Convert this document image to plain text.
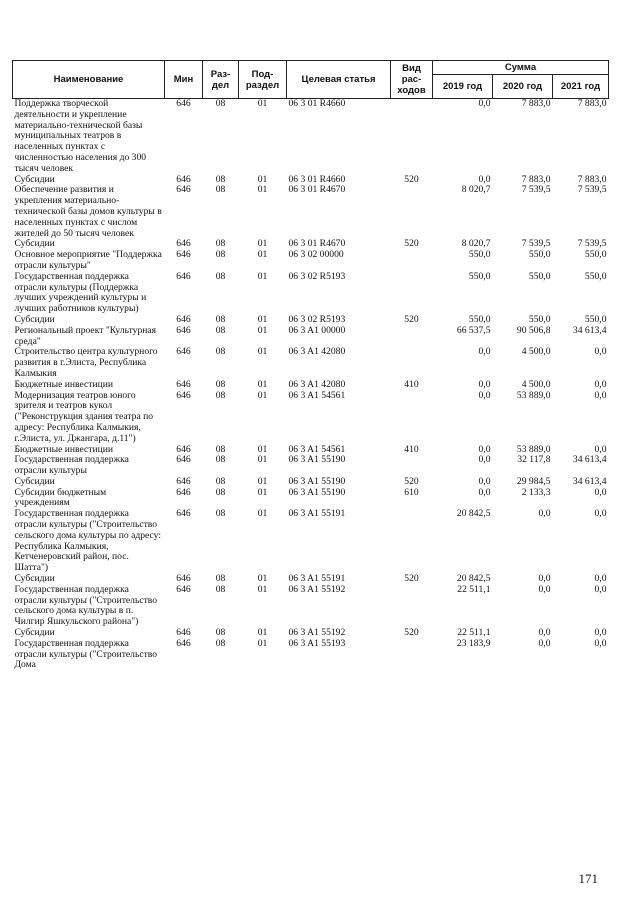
Наименование	Мин	Раз-дел	Под-раздел	Целевая статья	Вид рас-ходов	Сумма		
						2019 год	2020 год	2021 год
Поддержка творческой деятельности и укрепление материально-технической базы муниципальных театров в населенных пунктах с численностью населения до 300 тысяч человек	646	08	01	06 3 01 R4660		0,0	7 883,0	7 883,0
Субсидии	646	08	01	06 3 01 R4660	520	0,0	7 883,0	7 883,0
Обеспечение развития и укрепления материально-технической базы домов культуры в населенных пунктах с числом жителей до 50 тысяч человек	646	08	01	06 3 01 R4670		8 020,7	7 539,5	7 539,5
Субсидии	646	08	01	06 3 01 R4670	520	8 020,7	7 539,5	7 539,5
Основное мероприятие "Поддержка отрасли культуры"	646	08	01	06 3 02 00000		550,0	550,0	550,0
Государственная поддержка отрасли культуры (Поддержка лучших учреждений культуры и лучших работников культуры)	646	08	01	06 3 02 R5193		550,0	550,0	550,0
Субсидии	646	08	01	06 3 02 R5193	520	550,0	550,0	550,0
Региональный проект "Культурная среда"	646	08	01	06 3 A1 00000		66 537,5	90 506,8	34 613,4
Строительство центра культурного развития в г.Элиста, Республика Калмыкия	646	08	01	06 3 A1 42080		0,0	4 500,0	0,0
Бюджетные инвестиции	646	08	01	06 3 A1 42080	410	0,0	4 500,0	0,0
Модернизация театров юного зрителя и театров кукол ("Реконструкция здания театра по адресу: Республика Калмыкия, г.Элиста, ул. Джангара, д.11")	646	08	01	06 3 A1 54561		0,0	53 889,0	0,0
Бюджетные инвестиции	646	08	01	06 3 A1 54561	410	0,0	53 889,0	0,0
Государственная поддержка отрасли культуры	646	08	01	06 3 A1 55190		0,0	32 117,8	34 613,4
Субсидии	646	08	01	06 3 A1 55190	520	0,0	29 984,5	34 613,4
Субсидии бюджетным учреждениям	646	08	01	06 3 A1 55190	610	0,0	2 133,3	0,0
Государственная поддержка отрасли культуры ("Строительство сельского дома культуры по адресу: Республика Калмыкия, Кетченеровский район, пос. Шатта")	646	08	01	06 3 A1 55191		20 842,5	0,0	0,0
Субсидии	646	08	01	06 3 A1 55191	520	20 842,5	0,0	0,0
Государственная поддержка отрасли культуры ("Строительство сельского дома культуры в п. Чилгир Яшкульского района")	646	08	01	06 3 A1 55192		22 511,1	0,0	0,0
Субсидии	646	08	01	06 3 A1 55192	520	22 511,1	0,0	0,0
Государственная поддержка отрасли культуры ("Строительство Дома	646	08	01	06 3 A1 55193		23 183,9	0,0	0,0
171
